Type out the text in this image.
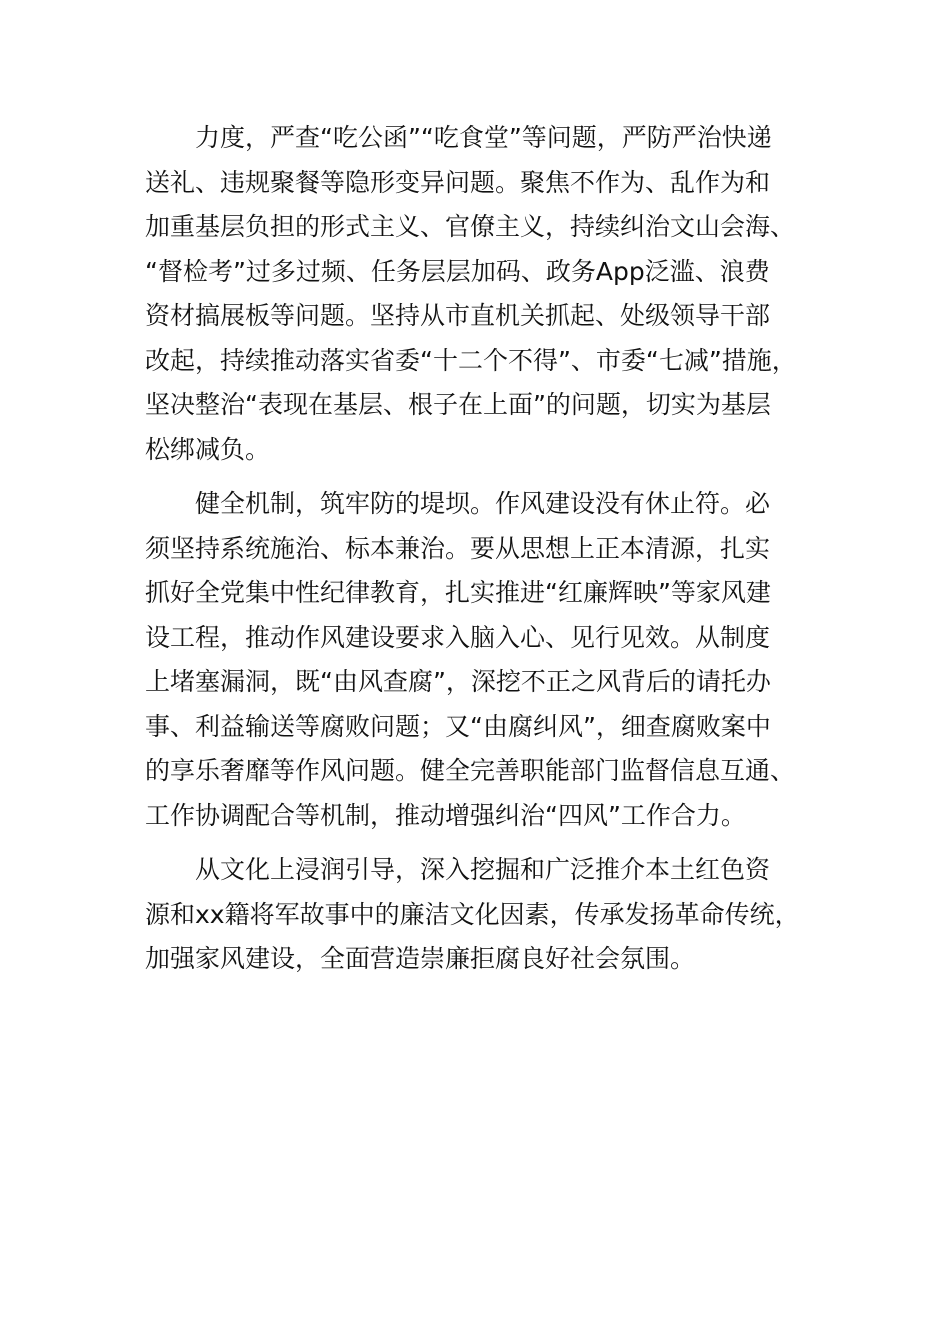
力度，严查“吃公函”“吃食堂”等问题，严防严治快递
送礼、违规聚餐等隐形变异问题。聚焦不作为、乱作为和
加重基层负担的形式主义、官僚主义，持续纠治文山会海、
“督检考”过多过频、任务层层加码、政务App泛滥、浪费
资材搞展板等问题。坚持从市直机关抓起、处级领导干部
改起，持续推动落实省委“十二个不得”、市委“七减”措施，
坚决整治“表现在基层、根子在上面”的问题，切实为基层
松绑减负。
健全机制，筑牢防的堤坝。作风建设没有休止符。必
须坚持系统施治、标本兼治。要从思想上正本清源，扎实
抓好全党集中性纪律教育，扎实推进“红廉辉映”等家风建
设工程，推动作风建设要求入脑入心、见行见效。从制度
上堵塞漏洞，既“由风查腐”，深挖不正之风背后的请托办
事、利益输送等腐败问题；又“由腐纠风”，细查腐败案中
的享乐奢靡等作风问题。健全完善职能部门监督信息互通、
工作协调配合等机制，推动增强纠治“四风”工作合力。
从文化上浸润引导，深入挖掘和广泛推介本土红色资
源和xx籍将军故事中的廉洁文化因素，传承发扬革命传统，
加强家风建设，全面营造崇廉拒腐良好社会氛围。
